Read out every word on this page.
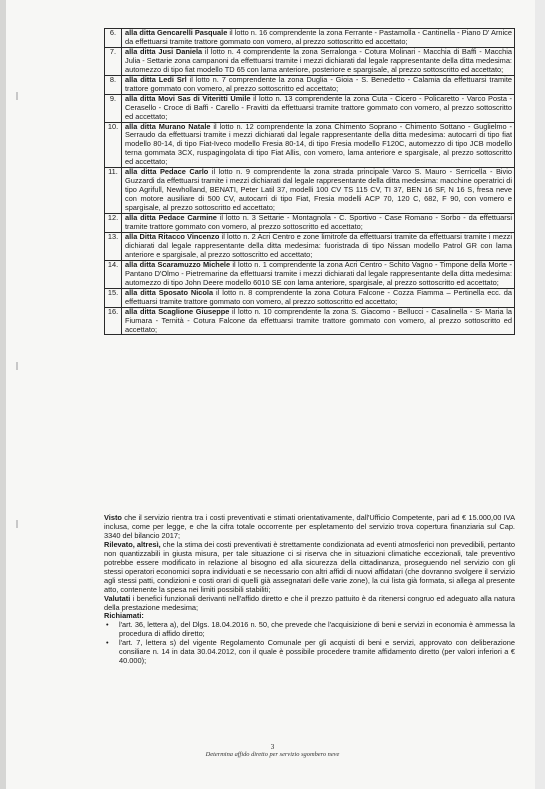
6.	alla ditta Gencarelli Pasquale il lotto n. 16 comprendente la zona Ferrante - Pastamolla - Cantinella - Piano D' Arnice da effettuarsi tramite trattore gommato con vomero, al prezzo sottoscritto ed accettato;
7.	alla ditta Jusi Daniela il lotto n. 4 comprendente la zona Serralonga - Cotura Molinari - Macchia di Baffi - Macchia Julia - Settarie zona campanoni da effettuarsi tramite i mezzi dichiarati dal legale rappresentante della ditta medesima: automezzo di tipo fiat modello TD 65 con lama anteriore, posteriore e spargisale, al prezzo sottoscritto ed accettato;
8.	alla ditta Ledi Srl il lotto n. 7 comprendente la zona Duglia - Gioia - S. Benedetto - Calamia da effettuarsi tramite trattore gommato con vomero, al prezzo sottoscritto ed accettato;
9.	alla ditta Movi Sas di Viteritti Umile il lotto n. 13 comprendente la zona Cuta - Cicero - Policaretto - Varco Posta - Cerasello - Croce di Baffi - Carello - Fravitti da effettuarsi tramite trattore gommato con vomero, al prezzo sottoscritto ed accettato;
10.	alla ditta Murano Natale il lotto n. 12 comprendente la zona Chimento Soprano - Chimento Sottano - Guglielmo - Serraudo da effettuarsi tramite i mezzi dichiarati dal legale rappresentante della ditta medesima: autocarri di tipo fiat modello 80-14, di tipo Fiat-Iveco modello Fresia 80-14, di tipo Fresia modello F120C, automezzo di tipo JCB modello terna gommata 3CX, ruspagingolata di tipo Fiat Allis, con vomero, lama anteriore e spargisale, al prezzo sottoscritto ed accettato;
11.	alla ditta Pedace Carlo il lotto n. 9 comprendente la zona strada principale Varco S. Mauro - Serricella - Bivio Guzzardi da effettuarsi tramite i mezzi dichiarati dal legale rappresentante della ditta medesima: macchine operatrici di tipo Agrifull, Newholland, BENATI, Peter Latil 37, modelli 100 CV TS 115 CV, TI 37, BEN 16 SF, N 16 S, fresa neve con motore ausiliare di 500 CV, autocarri di tipo Fiat, Fresia modelli ACP 70, 120 C, 682, F 90, con vomero e spargisale, al prezzo sottoscritto ed accettato;
12.	alla ditta Pedace Carmine il lotto n. 3 Settarie - Montagnola - C. Sportivo - Case Romano - Sorbo - da effettuarsi tramite trattore gommato con vomero, al prezzo sottoscritto ed accettato;
13.	alla Ditta Ritacco Vincenzo il lotto n. 2 Acri Centro e zone limitrofe da effettuarsi tramite da effettuarsi tramite i mezzi dichiarati dal legale rappresentante della ditta medesima: fuoristrada di tipo Nissan modello Patrol GR con lama anteriore e spargisale, al prezzo sottoscritto ed accettato;
14.	alla ditta Scaramuzzo Michele il lotto n. 1 comprendente la zona Acri Centro - Schito Vagno - Timpone della Morte - Pantano D'Olmo - Pietremarine da effettuarsi tramite i mezzi dichiarati dal legale rappresentante della ditta medesima: automezzo di tipo John Deere modello 6010 SE con lama anteriore, spargisale, al prezzo sottoscritto ed accettato;
15.	alla ditta Sposato Nicola il lotto n. 8 comprendente la zona Cotura Falcone - Cozza Fiamma – Pertinella ecc. da effettuarsi tramite trattore gommato con vomero, al prezzo sottoscritto ed accettato;
16.	alla ditta Scaglione Giuseppe il lotto n. 10 comprendente la zona S. Giacomo - Bellucci - Casalinella - S- Maria la Fiumara - Ternità - Cotura Falcone da effettuarsi tramite trattore gommato con vomero, al prezzo sottoscritto ed accettato;

Visto che il servizio rientra tra i costi preventivati e stimati orientativamente, dall'Ufficio Competente, pari ad € 15.000,00 IVA inclusa, come per legge, e che la cifra totale occorrente per espletamento del servizio trova copertura finanziaria sul Cap. 3340 del bilancio 2017;

Rilevato, altresì, che la stima dei costi preventivati è strettamente condizionata ad eventi atmosferici non prevedibili, pertanto non quantizzabili in giusta misura, per tale situazione ci si riserva che in situazioni climatiche eccezionali, tale preventivo potrebbe essere modificato in relazione al bisogno ed alla sicurezza della cittadinanza, proseguendo nel servizio con gli stessi operatori economici sopra individuati e se necessario con altri affidi di nuovi affidatari (che dovranno svolgere il servizio agli stessi patti, condizioni e costi orari di quelli già assegnatari delle varie zone), la cui lista già formata, si allega al presente atto, contenente la spesa nei limiti possibili stabiliti;

Valutati i benefici funzionali derivanti nell'affido diretto e che il prezzo pattuito è da ritenersi congruo ed adeguato alla natura della prestazione medesima;

Richiamati:

• l'art. 36, lettera a), del Dlgs. 18.04.2016 n. 50, che prevede che l'acquisizione di beni e servizi in economia è ammessa la procedura di affido diretto;
• l'art. 7, lettera s) del vigente Regolamento Comunale per gli acquisti di beni e servizi, approvato con deliberazione consiliare n. 14 in data 30.04.2012, con il quale è possibile procedere tramite affidamento diretto (per valori inferiori a € 40.000);
3
Determina affido diretto per servizio sgombero neve
